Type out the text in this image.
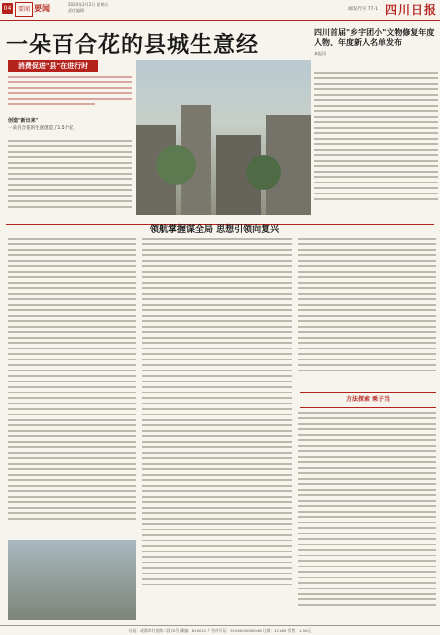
04	要闻 要闻	2024年2月2日 星期五
责任编辑	邮发代号 77-1 四川日报
一朵百合花的县城生意经
消费促进"县"在进行时
创造"新出来"
一朵百合花的生意创造了1.5个亿
四川首届"乡宇团小"文物修复年度人物、年度新人名单发布
本报讯
领航掌握谋全局 思想引领向复兴
方法探索 乘子当
社址：成都市红星路二段70号 邮编：610012 广告许可证：5100004000046 订阅：11185 零售：1.50元
